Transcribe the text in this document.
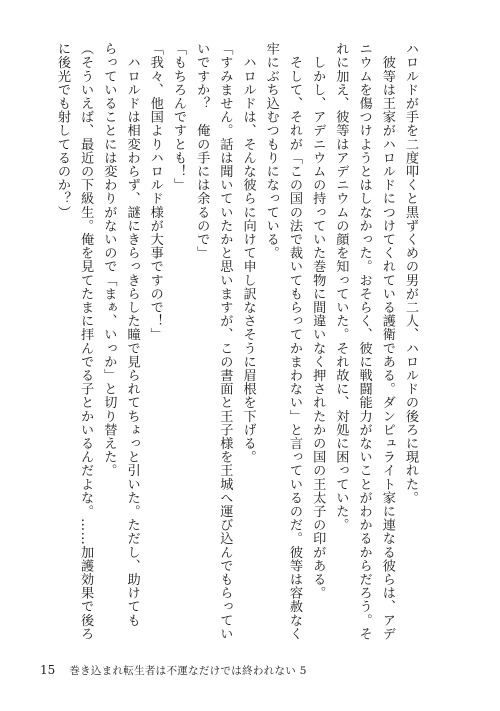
ハロルドが手を二度叩くと黒ずくめの男が二人、ハロルドの後ろに現れた。
　彼等は王家がハロルドにつけてくれている護衛である。ダンピュライト家に連なる彼らは、アデ
ニウムを傷つけようとはしなかった。おそらく、彼に戦闘能力がないことがわかるからだろう。そ
れに加え、彼等はアデニウムの顔を知っていた。それ故に、対処に困っていた。
　しかし、アデニウムの持っていた巻物に間違いなく押されたかの国の王太子の印がある。
　そして、それが「この国の法で裁いてもらってかまわない」と言っているのだ。彼等は容赦なく
牢にぶち込むつもりになっている。
　ハロルドは、そんな彼らに向けて申し訳なさそうに眉根を下げる。
「すみません。話は聞いていたかと思いますが、この書面と王子様を王城へ運び込んでもらってい
いですか？　俺の手には余るので」
「もちろんですとも！」
「我々、他国よりハロルド様が大事ですので！」
　ハロルドは相変わらず、謎にきらっきらした瞳で見られてちょっと引いた。ただし、助けても
らっていることには変わりがないので「まぁ、いっか」と切り替えた。
（そういえば、最近の下級生。俺を見てたまに拝んでる子とかいるんだよな。……加護効果で後ろ
に後光でも射してるのか？）
15 巻き込まれ転生者は不運なだけでは終われない 5
